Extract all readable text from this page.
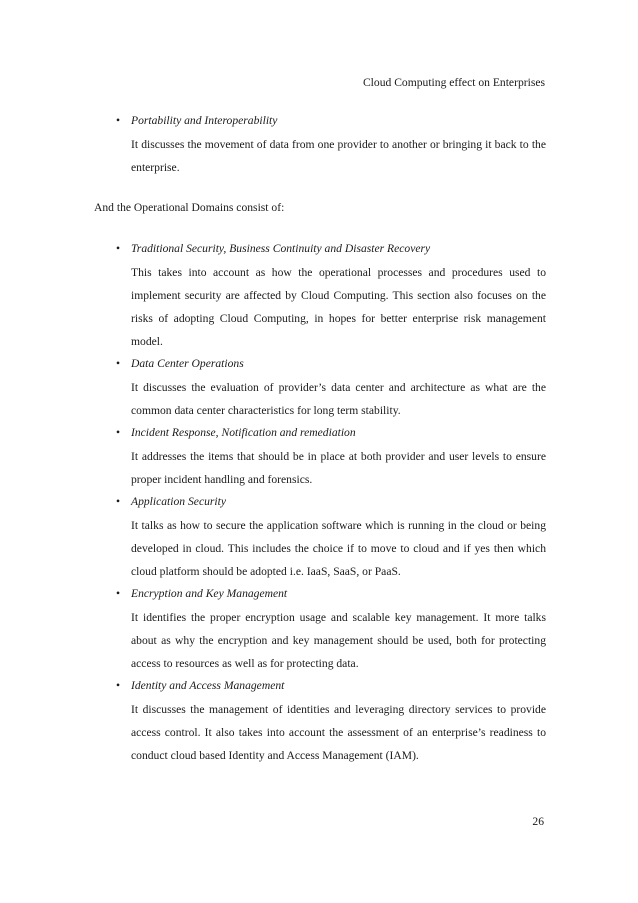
Cloud Computing effect on Enterprises
• Portability and Interoperability
It discusses the movement of data from one provider to another or bringing it back to the enterprise.
And the Operational Domains consist of:
• Traditional Security, Business Continuity and Disaster Recovery
This takes into account as how the operational processes and procedures used to implement security are affected by Cloud Computing. This section also focuses on the risks of adopting Cloud Computing, in hopes for better enterprise risk management model.
• Data Center Operations
It discusses the evaluation of provider’s data center and architecture as what are the common data center characteristics for long term stability.
• Incident Response, Notification and remediation
It addresses the items that should be in place at both provider and user levels to ensure proper incident handling and forensics.
• Application Security
It talks as how to secure the application software which is running in the cloud or being developed in cloud. This includes the choice if to move to cloud and if yes then which cloud platform should be adopted i.e. IaaS, SaaS, or PaaS.
• Encryption and Key Management
It identifies the proper encryption usage and scalable key management. It more talks about as why the encryption and key management should be used, both for protecting access to resources as well as for protecting data.
• Identity and Access Management
It discusses the management of identities and leveraging directory services to provide access control. It also takes into account the assessment of an enterprise’s readiness to conduct cloud based Identity and Access Management (IAM).
26
